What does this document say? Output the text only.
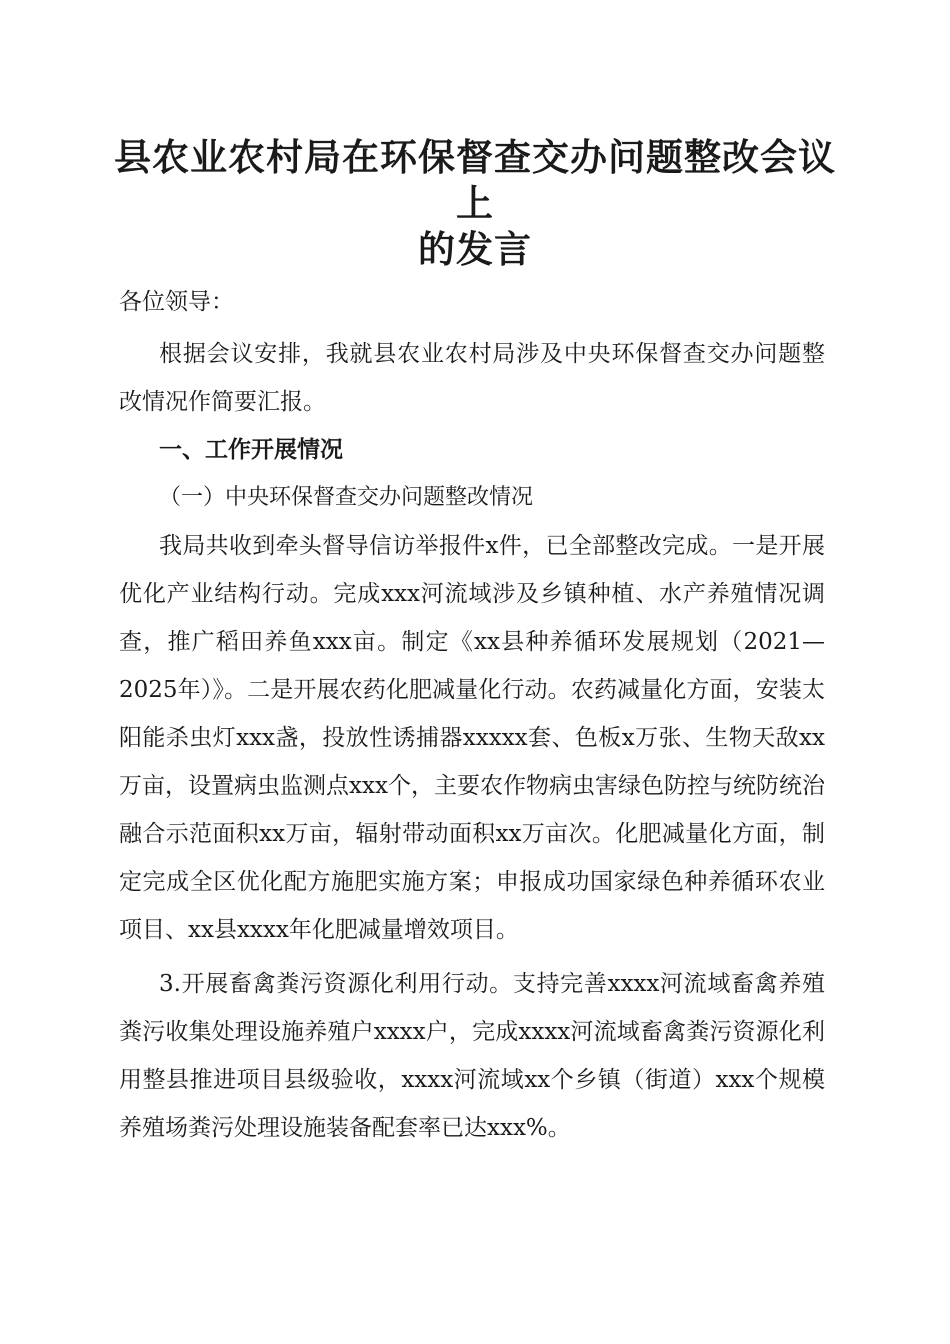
县农业农村局在环保督查交办问题整改会议上
的发言

各位领导：

根据会议安排，我就县农业农村局涉及中央环保督查交办问题整改情况作简要汇报。

一、工作开展情况

（一）中央环保督查交办问题整改情况

我局共收到牵头督导信访举报件x件，已全部整改完成。一是开展优化产业结构行动。完成xxx河流域涉及乡镇种植、水产养殖情况调查，推广稻田养鱼xxx亩。制定《xx县种养循环发展规划（2021—2025年）》。二是开展农药化肥减量化行动。农药减量化方面，安装太阳能杀虫灯xxx盏，投放性诱捕器xxxxx套、色板x万张、生物天敌xx万亩，设置病虫监测点xxx个，主要农作物病虫害绿色防控与统防统治融合示范面积xx万亩，辐射带动面积xx万亩次。化肥减量化方面，制定完成全区优化配方施肥实施方案；申报成功国家绿色种养循环农业项目、xx县xxxx年化肥减量增效项目。

3.开展畜禽粪污资源化利用行动。支持完善xxxx河流域畜禽养殖粪污收集处理设施养殖户xxxx户，完成xxxx河流域畜禽粪污资源化利用整县推进项目县级验收，xxxx河流域xx个乡镇（街道）xxx个规模养殖场粪污处理设施装备配套率已达xxx%。
